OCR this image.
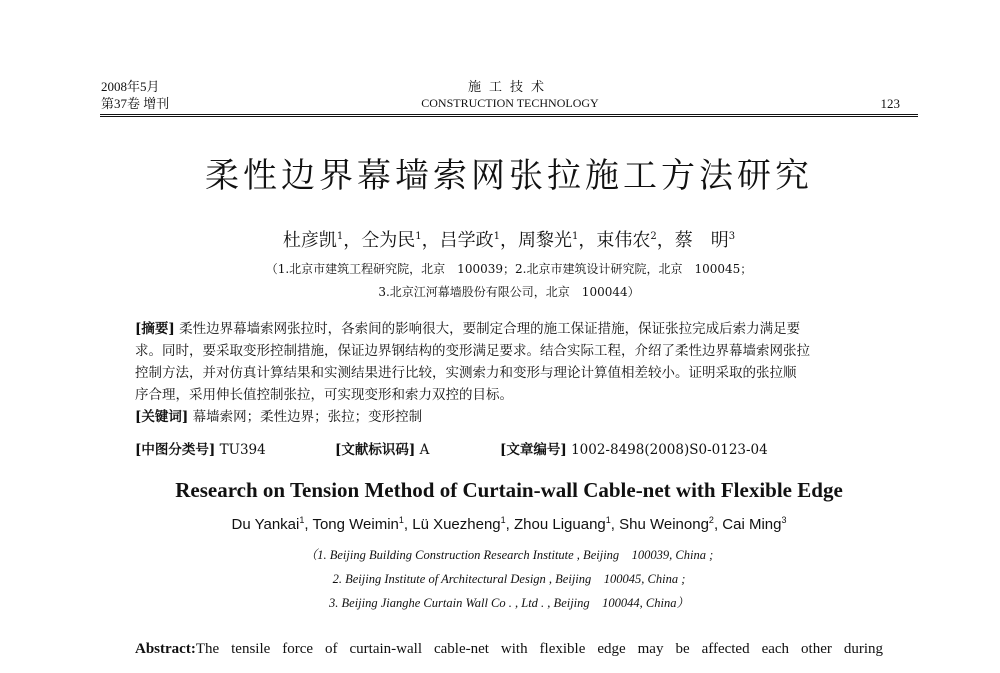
2008年5月
第37卷 增刊
施工技术
CONSTRUCTION TECHNOLOGY	123
柔性边界幕墙索网张拉施工方法研究
杜彦凯$^1$，仝为民$^1$，吕学政$^1$，周黎光$^1$，束伟农$^2$，蔡　明$^3$
（1.北京市建筑工程研究院，北京　100039；2.北京市建筑设计研究院，北京　100045；
3.北京江河幕墙股份有限公司，北京　100044）
[摘要] 柔性边界幕墙索网张拉时，各索间的影响很大，要制定合理的施工保证措施，保证张拉完成后索力满足要
求。同时，要采取变形控制措施，保证边界钢结构的变形满足要求。结合实际工程，介绍了柔性边界幕墙索网张拉
控制方法，并对仿真计算结果和实测结果进行比较，实测索力和变形与理论计算值相差较小。证明采取的张拉顺
序合理，采用伸长值控制张拉，可实现变形和索力双控的目标。
[关键词] 幕墙索网；柔性边界；张拉；变形控制
[中图分类号] TU394	[文献标识码] A	[文章编号] 1002-8498(2008)S0-0123-04
Research on Tension Method of Curtain-wall Cable-net with Flexible Edge
Du Yankai$^1$, Tong Weimin$^1$, Lü Xuezheng$^1$, Zhou Liguang$^1$, Shu Weinong$^2$, Cai Ming$^3$
（1. Beijing Building Construction Research Institute , Beijing　100039, China ;
2. Beijing Institute of Architectural Design , Beijing　100045, China ;
3. Beijing Jianghe Curtain Wall Co . , Ltd . , Beijing　100044, China）
Abstract:The tensile force of curtain-wall cable-net with flexible edge may be affected each other during
